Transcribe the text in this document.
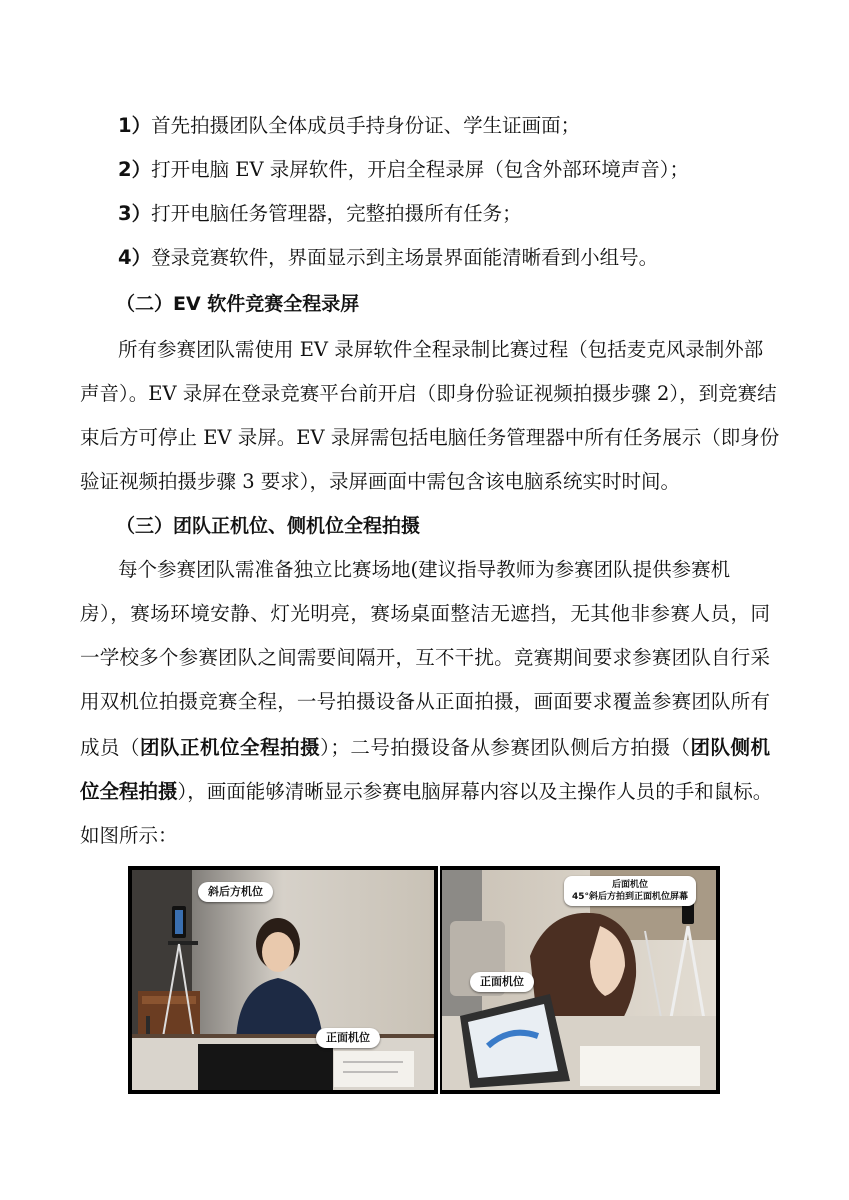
1）首先拍摄团队全体成员手持身份证、学生证画面；
2）打开电脑 EV 录屏软件，开启全程录屏（包含外部环境声音）；
3）打开电脑任务管理器，完整拍摄所有任务；
4）登录竞赛软件，界面显示到主场景界面能清晰看到小组号。
（二）EV 软件竞赛全程录屏
所有参赛团队需使用 EV 录屏软件全程录制比赛过程（包括麦克风录制外部
声音）。EV 录屏在登录竞赛平台前开启（即身份验证视频拍摄步骤 2），到竞赛结
束后方可停止 EV 录屏。EV 录屏需包括电脑任务管理器中所有任务展示（即身份
验证视频拍摄步骤 3 要求），录屏画面中需包含该电脑系统实时时间。
（三）团队正机位、侧机位全程拍摄
每个参赛团队需准备独立比赛场地(建议指导教师为参赛团队提供参赛机
房），赛场环境安静、灯光明亮，赛场桌面整洁无遮挡，无其他非参赛人员，同
一学校多个参赛团队之间需要间隔开，互不干扰。竞赛期间要求参赛团队自行采
用双机位拍摄竞赛全程，一号拍摄设备从正面拍摄，画面要求覆盖参赛团队所有
成员（团队正机位全程拍摄）；二号拍摄设备从参赛团队侧后方拍摄（团队侧机
位全程拍摄），画面能够清晰显示参赛电脑屏幕内容以及主操作人员的手和鼠标。
如图所示：
斜后方机位
正面机位
后面机位
45°斜后方拍到正面机位屏幕
正面机位
